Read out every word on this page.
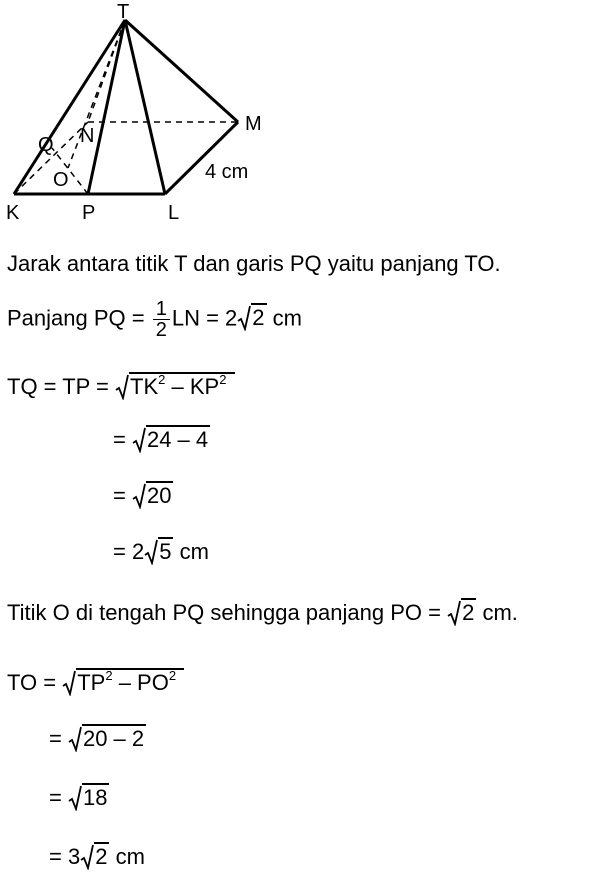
T
M
Q N
O
K	P	L
4 cm
Jarak antara titik T dan garis PQ yaitu panjang TO.
Panjang PQ = $\frac{1}{2}$ LN = 2 2 cm
TQ = TP = $TK^2 - KP^2$
= 24 – 4
= 20
= 2 5 cm
Titik O di tengah PQ sehingga panjang PO = 2 cm.
TO = $TP^2 - PO^2$
= 20 – 2
= 18
= 3 2 cm
